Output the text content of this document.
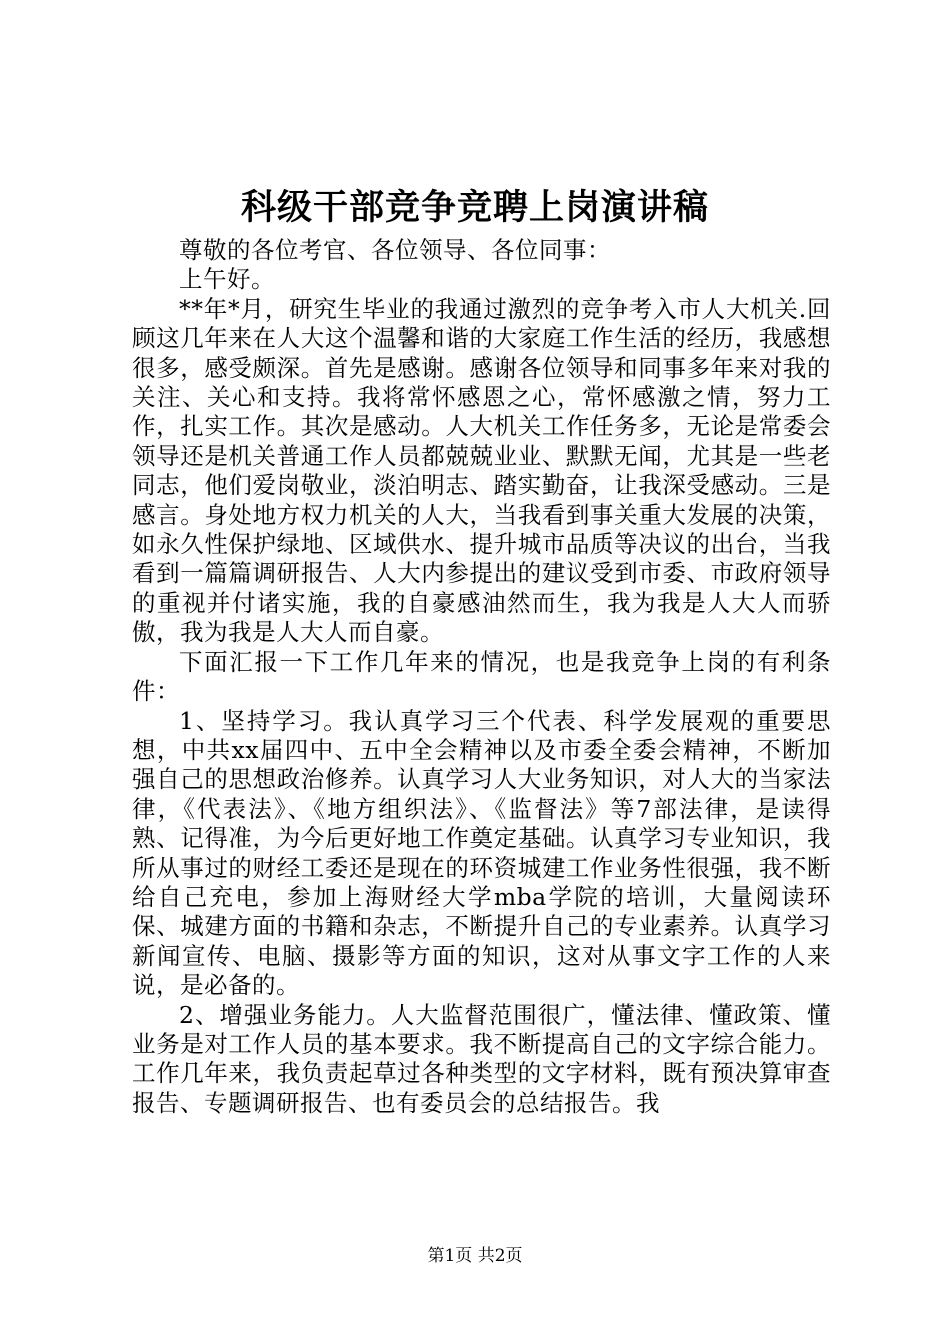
科级干部竞争竞聘上岗演讲稿

尊敬的各位考官、各位领导、各位同事：

上午好。

**年*月，研究生毕业的我通过激烈的竞争考入市人大机关.回顾这几年来在人大这个温馨和谐的大家庭工作生活的经历，我感想很多，感受颇深。首先是感谢。感谢各位领导和同事多年来对我的关注、关心和支持。我将常怀感恩之心，常怀感激之情，努力工作，扎实工作。其次是感动。人大机关工作任务多，无论是常委会领导还是机关普通工作人员都兢兢业业、默默无闻，尤其是一些老同志，他们爱岗敬业，淡泊明志、踏实勤奋，让我深受感动。三是感言。身处地方权力机关的人大，当我看到事关重大发展的决策，如永久性保护绿地、区域供水、提升城市品质等决议的出台，当我看到一篇篇调研报告、人大内参提出的建议受到市委、市政府领导的重视并付诸实施，我的自豪感油然而生，我为我是人大人而骄傲，我为我是人大人而自豪。

下面汇报一下工作几年来的情况，也是我竞争上岗的有利条件：

1、坚持学习。我认真学习三个代表、科学发展观的重要思想，中共xx届四中、五中全会精神以及市委全委会精神，不断加强自己的思想政治修养。认真学习人大业务知识，对人大的当家法律，《代表法》、《地方组织法》、《监督法》等7部法律，是读得熟、记得准，为今后更好地工作奠定基础。认真学习专业知识，我所从事过的财经工委还是现在的环资城建工作业务性很强，我不断给自己充电，参加上海财经大学mba学院的培训，大量阅读环保、城建方面的书籍和杂志，不断提升自己的专业素养。认真学习新闻宣传、电脑、摄影等方面的知识，这对从事文字工作的人来说，是必备的。

2、增强业务能力。人大监督范围很广，懂法律、懂政策、懂业务是对工作人员的基本要求。我不断提高自己的文字综合能力。工作几年来，我负责起草过各种类型的文字材料，既有预决算审查报告、专题调研报告、也有委员会的总结报告。我

第1页 共2页
